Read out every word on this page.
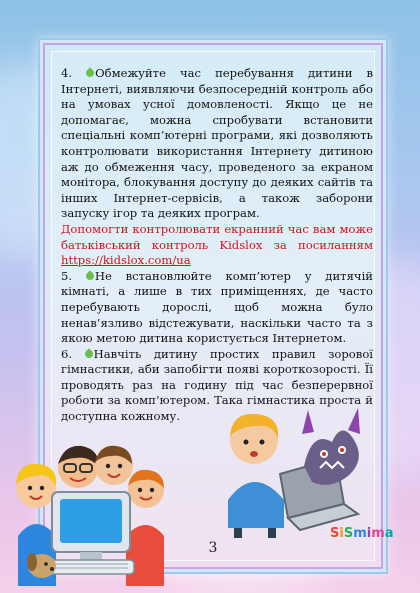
4. Обмежуйте час перебування дитини в Інтернеті, виявляючи безпосередній контроль або на умовах усної домовленості. Якщо це не допомагає, можна спробувати встановити спеціальні комп’ютерні програми, які дозволяють контролювати використання Інтернету дитиною аж до обмеження часу, проведеного за екраном монітора, блокування доступу до деяких сайтів та інших Інтернет-сервісів, а також заборони запуску ігор та деяких програм.

Допомогти контролювати екранний час вам може батьківський контроль Kidslox за посиланням https://kidslox.com/ua

5. Не встановлюйте комп’ютер у дитячій кімнаті, а лише в тих приміщеннях, де часто перебувають дорослі, щоб можна було ненав’язливо відстежувати, наскільки часто та з якою метою дитина користується Інтернетом.

6. Навчіть дитину простих правил зорової гімнастики, аби запобігти появі короткозорості. Її проводять раз на годину під час безперервної роботи за комп’ютером. Така гімнастика проста й доступна кожному.

3
SiSmima
